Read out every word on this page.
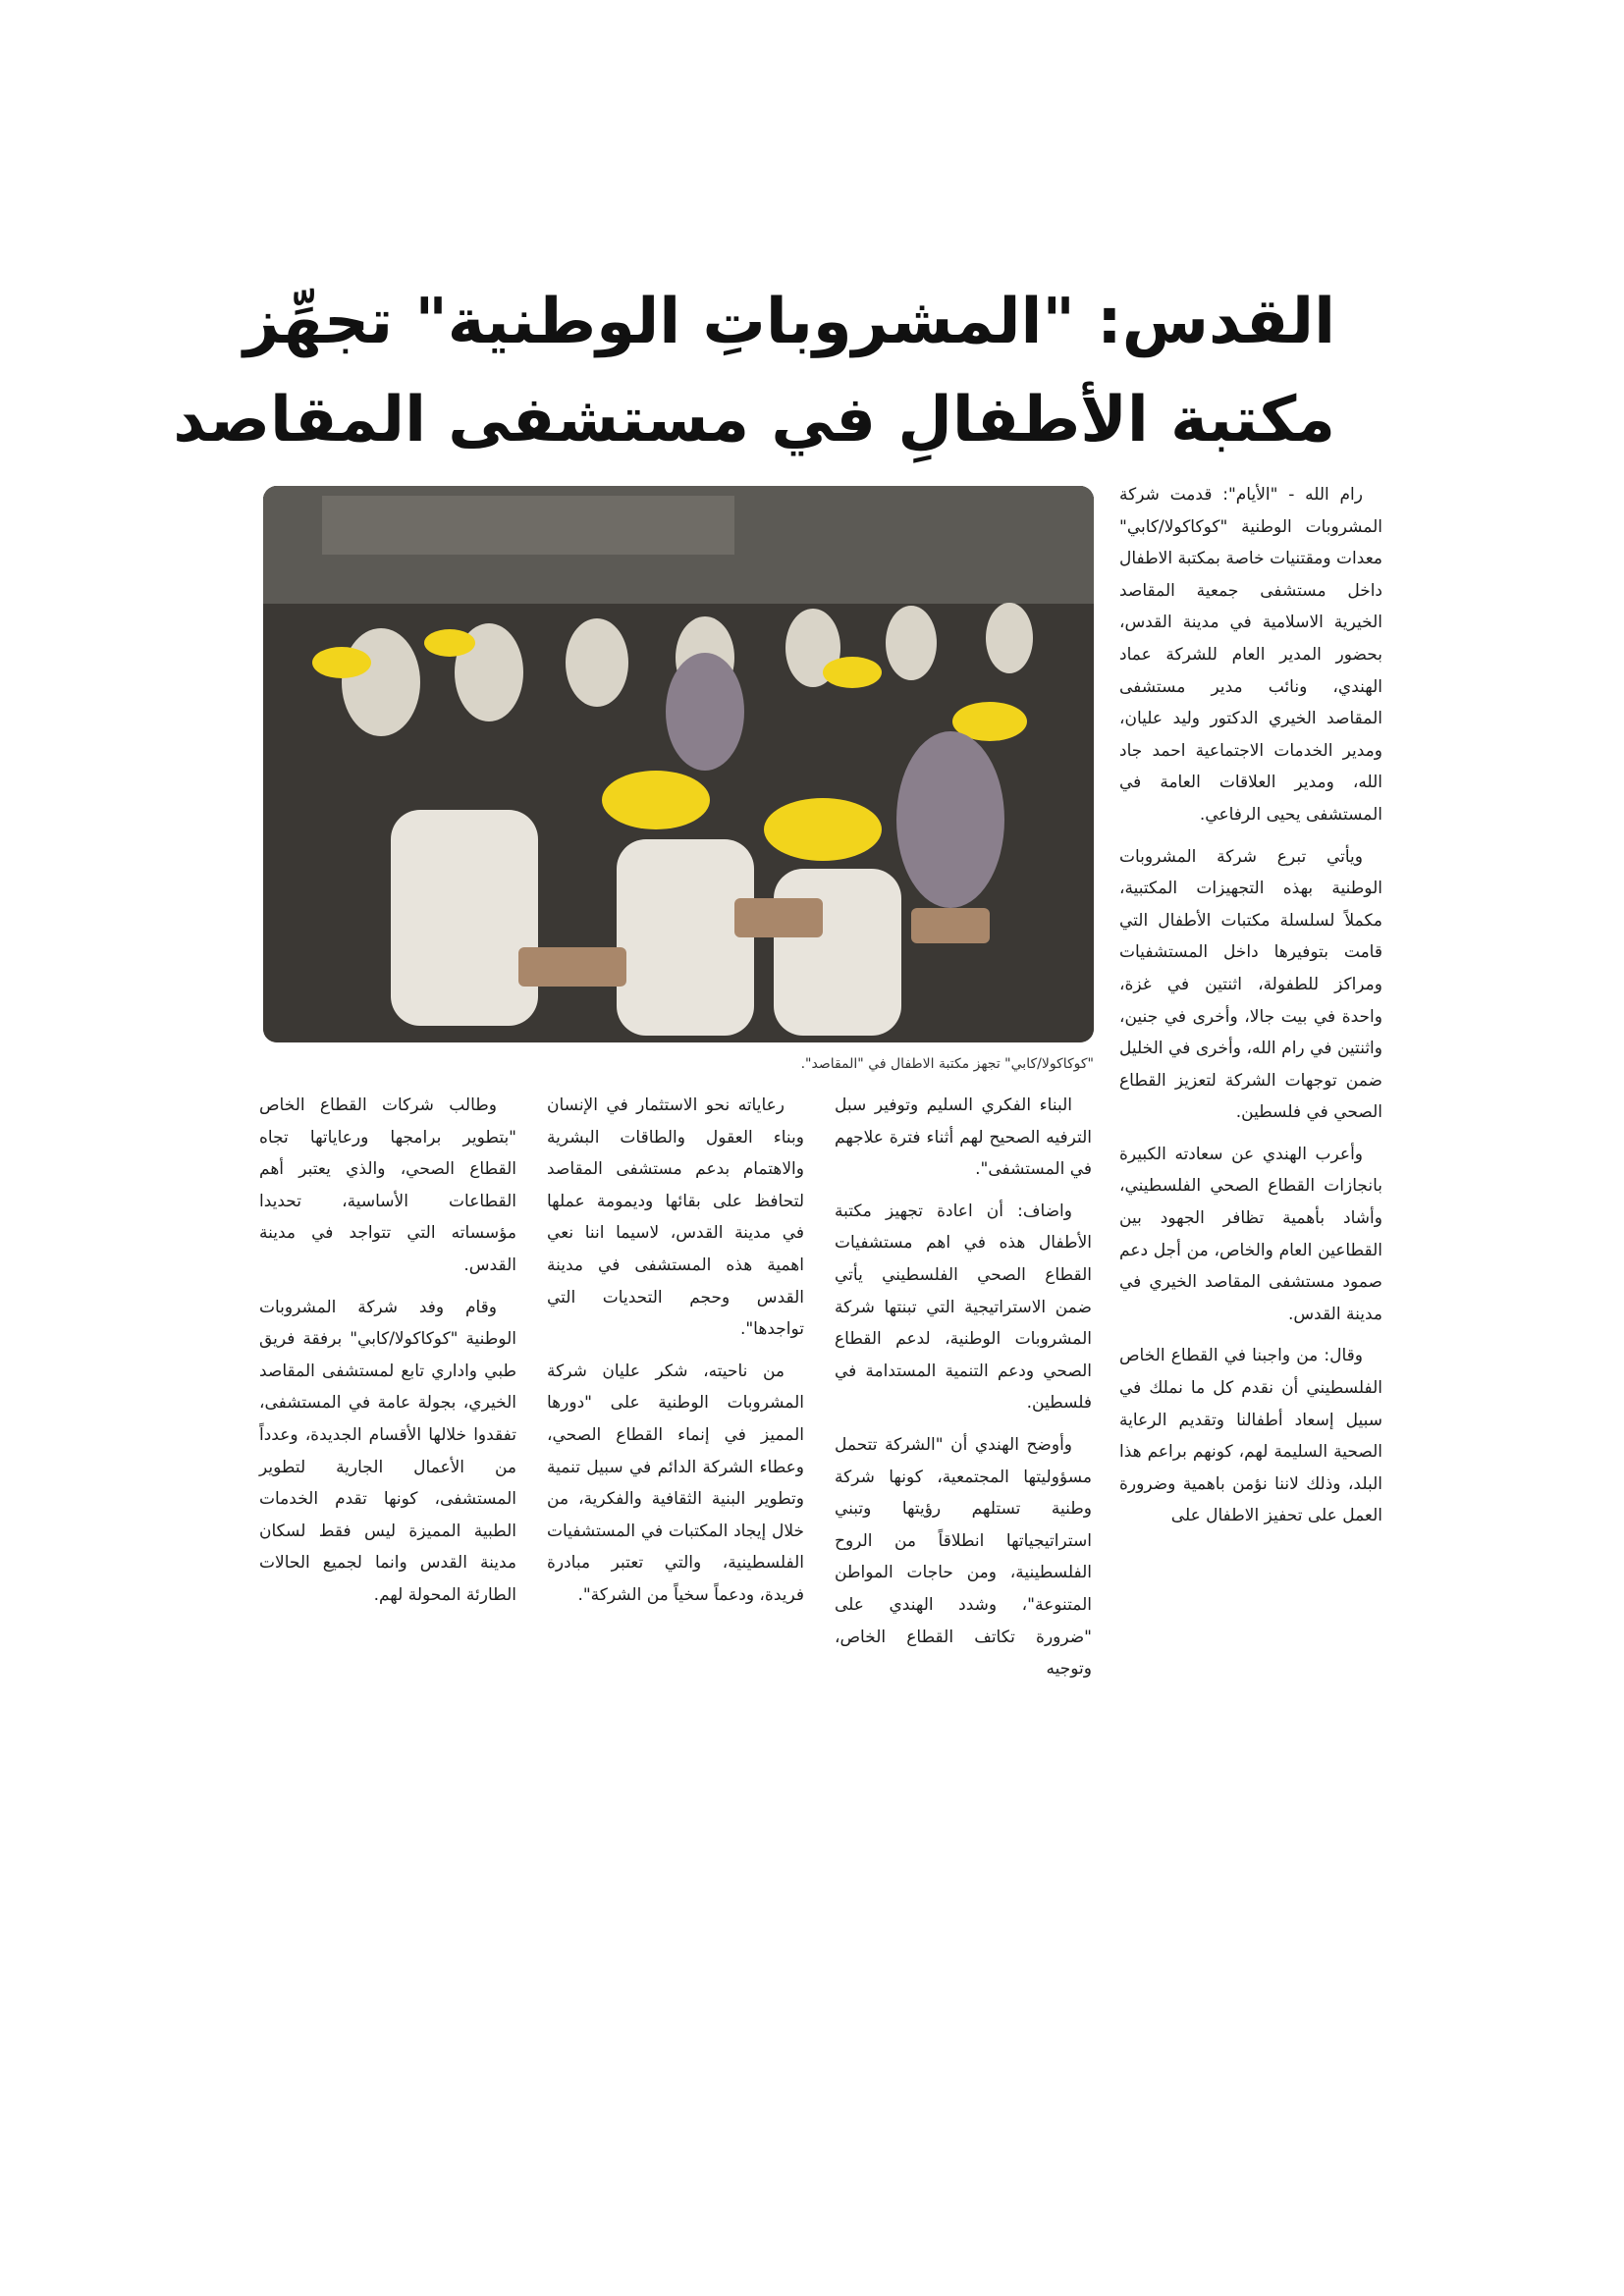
القدس: "المشروباتِ الوطنية" تجهِّز
مكتبة الأطفالِ في مستشفى المقاصد
"كوكاكولا/كابي" تجهز مكتبة الاطفال في "المقاصد".

رام الله - "الأيام": قدمت شركة المشروبات الوطنية "كوكاكولا/كابي" معدات ومقتنيات خاصة بمكتبة الاطفال داخل مستشفى جمعية المقاصد الخيرية الاسلامية في مدينة القدس، بحضور المدير العام للشركة عماد الهندي، ونائب مدير مستشفى المقاصد الخيري الدكتور وليد عليان، ومدير الخدمات الاجتماعية احمد جاد الله، ومدير العلاقات العامة في المستشفى يحيى الرفاعي.

ويأتي تبرع شركة المشروبات الوطنية بهذه التجهيزات المكتبية، مكملاً لسلسلة مكتبات الأطفال التي قامت بتوفيرها داخل المستشفيات ومراكز للطفولة، اثنتين في غزة، واحدة في بيت جالا، وأخرى في جنين، واثنتين في رام الله، وأخرى في الخليل ضمن توجهات الشركة لتعزيز القطاع الصحي في فلسطين.

وأعرب الهندي عن سعادته الكبيرة بانجازات القطاع الصحي الفلسطيني، وأشاد بأهمية تظافر الجهود بين القطاعين العام والخاص، من أجل دعم صمود مستشفى المقاصد الخيري في مدينة القدس.

وقال: من واجبنا في القطاع الخاص الفلسطيني أن نقدم كل ما نملك في سبيل إسعاد أطفالنا وتقديم الرعاية الصحية السليمة لهم، كونهم براعم هذا البلد، وذلك لاننا نؤمن باهمية وضرورة العمل على تحفيز الاطفال على

البناء الفكري السليم وتوفير سبل الترفيه الصحيح لهم أثناء فترة علاجهم في المستشفى".

واضاف: أن اعادة تجهيز مكتبة الأطفال هذه في اهم مستشفيات القطاع الصحي الفلسطيني يأتي ضمن الاستراتيجية التي تبنتها شركة المشروبات الوطنية، لدعم القطاع الصحي ودعم التنمية المستدامة في فلسطين.

وأوضح الهندي أن "الشركة تتحمل مسؤوليتها المجتمعية، كونها شركة وطنية تستلهم رؤيتها وتبني استراتيجياتها انطلاقاً من الروح الفلسطينية، ومن حاجات المواطن المتنوعة"، وشدد الهندي على "ضرورة تكاتف القطاع الخاص، وتوجيه

رعاياته نحو الاستثمار في الإنسان وبناء العقول والطاقات البشرية والاهتمام بدعم مستشفى المقاصد لتحافظ على بقائها وديمومة عملها في مدينة القدس، لاسيما اننا نعي اهمية هذه المستشفى في مدينة القدس وحجم التحديات التي تواجدها".

من ناحيته، شكر عليان شركة المشروبات الوطنية على "دورها المميز في إنماء القطاع الصحي، وعطاء الشركة الدائم في سبيل تنمية وتطوير البنية الثقافية والفكرية، من خلال إيجاد المكتبات في المستشفيات الفلسطينية، والتي تعتبر مبادرة فريدة، ودعماً سخياً من الشركة".

وطالب شركات القطاع الخاص "بتطوير برامجها ورعاياتها تجاه القطاع الصحي، والذي يعتبر أهم القطاعات الأساسية، تحديدا مؤسساته التي تتواجد في مدينة القدس.

وقام وفد شركة المشروبات الوطنية "كوكاكولا/كابي" برفقة فريق طبي واداري تابع لمستشفى المقاصد الخيري، بجولة عامة في المستشفى، تفقدوا خلالها الأقسام الجديدة، وعدداً من الأعمال الجارية لتطوير المستشفى، كونها تقدم الخدمات الطبية المميزة ليس فقط لسكان مدينة القدس وانما لجميع الحالات الطارئة المحولة لهم.
